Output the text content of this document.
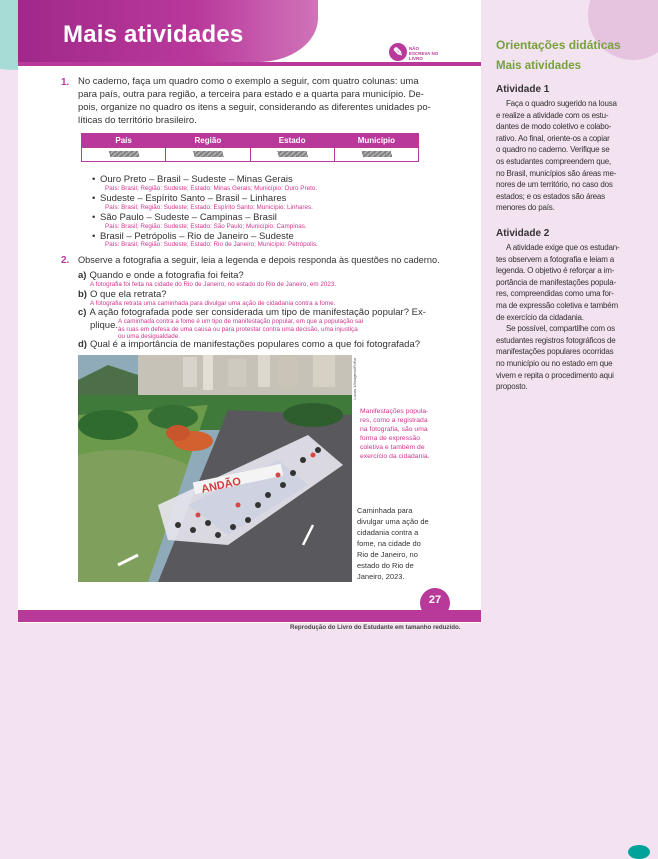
Mais atividades
✎	NÃO ESCREVA NO LIVRO
1. No caderno, faça um quadro como o exemplo a seguir, com quatro colunas: uma
para país, outra para região, a terceira para estado e a quarta para município. De-
pois, organize no quadro os itens a seguir, considerando as diferentes unidades po-
líticas do território brasileiro.
País	Região	Estado	Município
\\\\\\\\\\\\\\\\\\\\\\\\	\\\\\\\\\\\\\\\\\\\\\\\\	\\\\\\\\\\\\\\\\\\\\\\\\	\\\\\\\\\\\\\\\\\\\\\\\\
• Ouro Preto – Brasil – Sudeste – Minas Gerais
País: Brasil; Região: Sudeste; Estado: Minas Gerais; Município: Ouro Preto.
• Sudeste – Espírito Santo – Brasil – Linhares
País: Brasil; Região: Sudeste; Estado: Espírito Santo; Município: Linhares.
• São Paulo – Sudeste – Campinas – Brasil
País: Brasil; Região: Sudeste; Estado: São Paulo; Município: Campinas.
• Brasil – Petrópolis – Rio de Janeiro – Sudeste
País: Brasil; Região: Sudeste; Estado: Rio de Janeiro; Município: Petrópolis.
2. Observe a fotografia a seguir, leia a legenda e depois responda às questões no caderno.
a) Quando e onde a fotografia foi feita?
A fotografia foi feita na cidade do Rio de Janeiro, no estado do Rio de Janeiro, em 2023.
b) O que ela retrata?
A fotografia retrata uma caminhada para divulgar uma ação de cidadania contra a fome.
c) A ação fotografada pode ser considerada um tipo de manifestação popular? Ex-
plique. A caminhada contra a fome é um tipo de manifestação popular, em que a população sai
às ruas em defesa de uma causa ou para protestar contra uma decisão, uma injustiça
ou uma desigualdade.
d) Qual é a importância de manifestações populares como a que foi fotografada?
ANDÃO
Lucas 1/Imagens/Folha
Manifestações popula-
res, como a registrada
na fotografia, são uma
forma de expressão
coletiva e também de
exercício da cidadania.
Caminhada para
divulgar uma ação de
cidadania contra a
fome, na cidade do
Rio de Janeiro, no
estado do Rio de
Janeiro, 2023.
27
Reprodução do Livro do Estudante em tamanho reduzido.
Orientações didáticas
Mais atividades
Atividade 1
Faça o quadro sugerido na lousa
e realize a atividade com os estu-
dantes de modo coletivo e colabo-
rativo. Ao final, oriente-os a copiar
o quadro no caderno. Verifique se
os estudantes compreendem que,
no Brasil, municípios são áreas me-
nores de um território, no caso dos
estados; e os estados são áreas
menores do país.
Atividade 2
A atividade exige que os estudan-
tes observem a fotografia e leiam a
legenda. O objetivo é reforçar a im-
portância de manifestações popula-
res, compreendidas como uma for-
ma de expressão coletiva e também
de exercício da cidadania.
Se possível, compartilhe com os
estudantes registros fotográficos de
manifestações populares ocorridas
no município ou no estado em que
vivem e repita o procedimento aqui
proposto.
